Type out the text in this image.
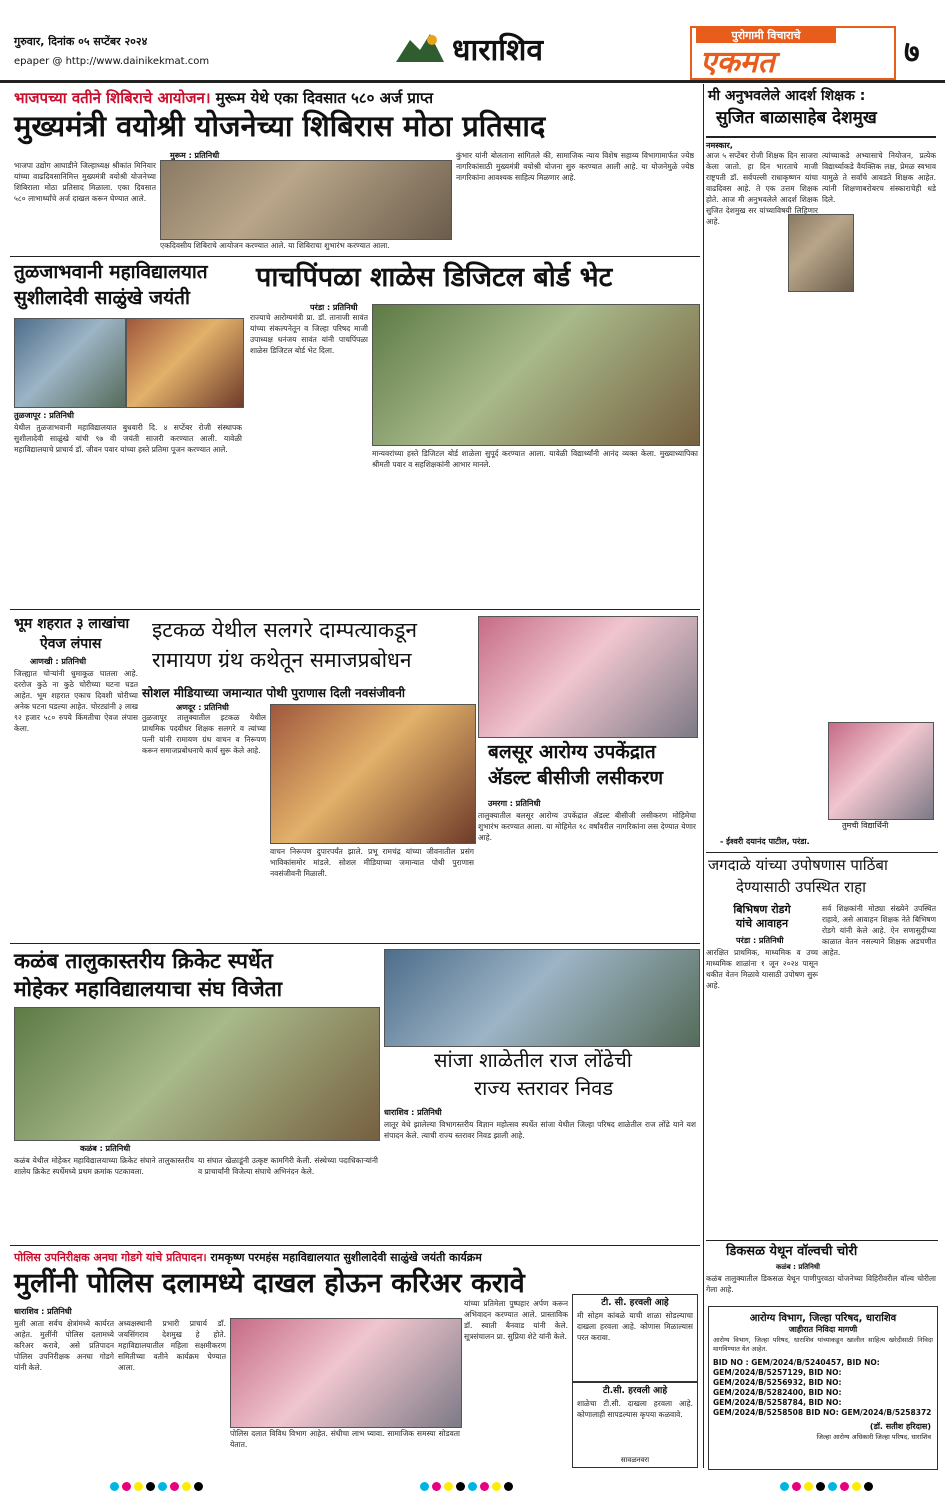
गुरुवार, दिनांक ०५ सप्टेंबर २०२४
epaper @ http://www.dainikekmat.com	धाराशिव	पुरोगामी विचाराचे
एकमत	७
भाजपच्या वतीने शिबिराचे आयोजन। मुरूम येथे एका दिवसात ५८० अर्ज प्राप्त
मुख्यमंत्री वयोश्री योजनेच्या शिबिरास मोठा प्रतिसाद
मुरूम : प्रतिनिधी
भाजपा उद्योग आघाडीने जिल्हाध्यक्ष श्रीकांत मिनियार यांच्या वाढदिवसानिमित्त मुख्यमंत्री वयोश्री योजनेच्या शिबिराला मोठा प्रतिसाद मिळाला. एका दिवसात ५८० लाभार्थ्यांचे अर्ज दाखल करून घेण्यात आले.
एकदिवसीय शिबिराचे आयोजन करण्यात आले. या शिबिराचा शुभारंभ करण्यात आला.
कुंभार यांनी बोलताना सांगितले की, सामाजिक न्याय विशेष सहाय्य विभागामार्फत ज्येष्ठ नागरिकांसाठी मुख्यमंत्री वयोश्री योजना सुरु करण्यात आली आहे. या योजनेमुळे ज्येष्ठ नागरिकांना आवश्यक साहित्य मिळणार आहे.
तुळजाभवानी महाविद्यालयात
सुशीलादेवी साळुंखे जयंती
तुळजापूर : प्रतिनिधी
येथील तुळजाभवानी महाविद्यालयात बुधवारी दि. ४ सप्टेंबर रोजी संस्थापक सुशीलादेवी साळुंखे यांची ९७ वी जयंती साजरी करण्यात आली. यावेळी महाविद्यालयाचे प्राचार्य डॉ. जीवन पवार यांच्या हस्ते प्रतिमा पूजन करण्यात आले.
पाचपिंपळा शाळेस डिजिटल बोर्ड भेट
परंडा : प्रतिनिधी
राज्याचे आरोग्यमंत्री प्रा. डॉ. तानाजी सावंत यांच्या संकल्पनेतून व जिल्हा परिषद माजी उपाध्यक्ष धनंजय सावंत यांनी पाचपिंपळा शाळेस डिजिटल बोर्ड भेट दिला.
मान्यवरांच्या हस्ते डिजिटल बोर्ड शाळेला सुपूर्द करण्यात आला. यावेळी विद्यार्थ्यांनी आनंद व्यक्त केला. मुख्याध्यापिका श्रीमती पवार व सहशिक्षकांनी आभार मानले.
भूम शहरात ३ लाखांचा
ऐवज लंपास
आणखी : प्रतिनिधी
जिल्ह्यात चोऱ्यांनी धुमाकूळ घातला आहे. दररोज कुठे ना कुठे चोरीच्या घटना घडत आहेत. भूम शहरात एकाच दिवशी चोरीच्या अनेक घटना घडल्या आहेत. चोरट्यांनी ३ लाख ९२ हजार ५८० रुपये किंमतीचा ऐवज लंपास केला.
इटकळ येथील सलगरे दाम्पत्याकडून
रामायण ग्रंथ कथेतून समाजप्रबोधन
सोशल मीडियाच्या जमान्यात पोथी पुराणास दिली नवसंजीवनी
अणदूर : प्रतिनिधी
तुळजापूर तालुक्यातील इटकळ येथील प्राथमिक पदवीधर शिक्षक सलगरे व त्यांच्या पत्नी यांनी रामायण ग्रंथ वाचन व निरूपण करून समाजप्रबोधनाचे कार्य सुरू केले आहे.
वाचन निरूपण दुपारपर्यंत झाले. प्रभू रामचंद्र यांच्या जीवनातील प्रसंग भाविकांसमोर मांडले. सोशल मीडियाच्या जमान्यात पोथी पुराणास नवसंजीवनी मिळाली.
बलसूर आरोग्य उपकेंद्रात
ॲडल्ट बीसीजी लसीकरण
उमरगा : प्रतिनिधी
तालुक्यातील बलसूर आरोग्य उपकेंद्रात ॲडल्ट बीसीजी लसीकरण मोहिमेचा शुभारंभ करण्यात आला. या मोहिमेत १८ वर्षांवरील नागरिकांना लस देण्यात येणार आहे.
कळंब तालुकास्तरीय क्रिकेट स्पर्धेत
मोहेकर महाविद्यालयाचा संघ विजेता
कळंब : प्रतिनिधी
कळंब येथील मोहेकर महाविद्यालयाच्या क्रिकेट संघाने तालुकास्तरीय शालेय क्रिकेट स्पर्धेमध्ये प्रथम क्रमांक पटकावला.
या संघात खेळाडूंनी उत्कृष्ट कामगिरी केली. संस्थेच्या पदाधिकाऱ्यांनी व प्राचार्यांनी विजेत्या संघाचे अभिनंदन केले.
सांजा शाळेतील राज लोंढेची
राज्य स्तरावर निवड
धाराशिव : प्रतिनिधी
लातूर येथे झालेल्या विभागस्तरीय विज्ञान महोत्सव स्पर्धेत सांजा येथील जिल्हा परिषद शाळेतील राज लोंढे याने यश संपादन केले. त्याची राज्य स्तरावर निवड झाली आहे.
पोलिस उपनिरीक्षक अनघा गोडगे यांचे प्रतिपादन। रामकृष्ण परमहंस महाविद्यालयात सुशीलादेवी साळुंखे जयंती कार्यक्रम
मुलींनी पोलिस दलामध्ये दाखल होऊन करिअर करावे
धाराशिव : प्रतिनिधी
मुली आता सर्वच क्षेत्रांमध्ये कार्यरत आहेत. मुलींनी पोलिस दलामध्ये करिअर करावे, असे प्रतिपादन पोलिस उपनिरीक्षक अनघा गोडगे यांनी केले.
अध्यक्षस्थानी प्रभारी प्राचार्य डॉ. जयसिंगराव देशमुख हे होते. महाविद्यालयातील महिला सक्षमीकरण समितीच्या वतीने कार्यक्रम घेण्यात आला.
पोलिस दलात विविध विभाग आहेत. संधीचा लाभ घ्यावा. सामाजिक समस्या सोडवता येतात.
यांच्या प्रतिमेला पुष्पहार अर्पण करून अभिवादन करण्यात आले. प्रास्ताविक डॉ. स्वाती बैनवाड यांनी केले. सूत्रसंचालन प्रा. सुप्रिया शेटे यांनी केले.
टी. सी. हरवली आहे
मी सोहम कांबळे याची शाळा सोडल्याचा दाखला हरवला आहे. कोणास मिळाल्यास परत करावा.
टी.सी. हरवली आहे
शाळेचा टी.सी. दाखला हरवला आहे. कोणालाही सापडल्यास कृपया कळवावे.
सावळनवरा
मी अनुभवलेले आदर्श शिक्षक :
सुजित बाळासाहेब देशमुख
नमस्कार,
आज ५ सप्टेंबर रोजी शिक्षक दिन साजरा केला जातो. हा दिन भारताचे माजी राष्ट्रपती डॉ. सर्वपल्ली राधाकृष्णन यांचा वाढदिवस आहे. ते एक उत्तम शिक्षक होते. आज मी अनुभवलेले आदर्श शिक्षक सुजित देशमुख सर यांच्याविषयी लिहिणार आहे.
त्यांच्याकडे अभ्यासाचे नियोजन, प्रत्येक विद्यार्थ्याकडे वैयक्तिक लक्ष, प्रेमळ स्वभाव यामुळे ते सर्वांचे आवडते शिक्षक आहेत. त्यांनी शिक्षणाबरोबरच संस्काराचेही धडे दिले.
तुमची विद्यार्थिनी
- ईश्वरी दयानंद पाटील, परंडा.
जगदाळे यांच्या उपोषणास पाठिंबा
देण्यासाठी उपस्थित राहा
बिभिषण रोडगे
यांचे आवाहन
परंडा : प्रतिनिधी
आरक्षित प्राथमिक, माध्यमिक व उच्च माध्यमिक शाळांना १ जून २०२४ पासून थकीत वेतन मिळावे यासाठी उपोषण सुरू आहे.
सर्व शिक्षकांनी मोठ्या संख्येने उपस्थित राहावे, असे आवाहन शिक्षक नेते बिभिषण रोडगे यांनी केले आहे. ऐन सणासुदीच्या काळात वेतन नसल्याने शिक्षक अडचणीत आहेत.
डिकसळ येथून वॉल्वची चोरी
कळंब : प्रतिनिधी
कळंब तालुक्यातील डिकसळ येथून पाणीपुरवठा योजनेच्या विहिरीवरील वॉल्व चोरीला गेला आहे.
आरोग्य विभाग, जिल्हा परिषद, धाराशिव
जाहीरात निविदा मागणी
आरोग्य विभाग, जिल्हा परिषद, धाराशिव यांच्याकडून खालील साहित्य खरेदीसाठी निविदा मागविण्यात येत आहेत.
BID NO : GEM/2024/B/5240457, BID NO: GEM/2024/B/5257129, BID NO: GEM/2024/B/5256932, BID NO: GEM/2024/B/5282400, BID NO: GEM/2024/B/5258784, BID NO: GEM/2024/B/5258508 BID NO: GEM/2024/B/5258372
(डॉ. सतीश हरिदास)
जिल्हा आरोग्य अधिकारी जिल्हा परिषद, धाराशिव
